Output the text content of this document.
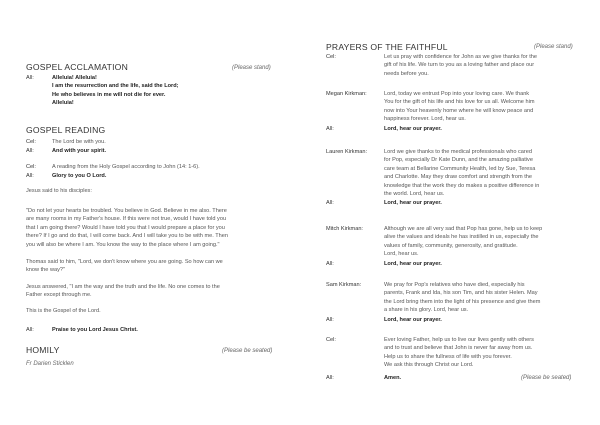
GOSPEL ACCLAMATION	(Please stand)
All:	Alleluia! Alleluia!
I am the resurrection and the life, said the Lord;
He who believes in me will not die for ever.
Alleluia!
GOSPEL READING
Cel:	The Lord be with you.
All:	And with your spirit.
Cel:	A reading from the Holy Gospel according to John (14: 1-6).
All:	Glory to you O Lord.
Jesus said to his disciples:
"Do not let your hearts be troubled. You believe in God. Believe in me also. There
are many rooms in my Father's house. If this were not true, would I have told you
that I am going there? Would I have told you that I would prepare a place for you
there? If I go and do that, I will come back. And I will take you to be with me. Then
you will also be where I am. You know the way to the place where I am going."
Thomas said to him, "Lord, we don't know where you are going. So how can we
know the way?"
Jesus answered, "I am the way and the truth and the life. No one comes to the
Father except through me.
This is the Gospel of the Lord.
All:	Praise to you Lord Jesus Christ.
HOMILY	(Please be seated)
Fr Darien Sticklen
PRAYERS OF THE FAITHFUL	(Please stand)
Cel:	Let us pray with confidence for John as we give thanks for the
gift of his life. We turn to you as a loving father and place our
needs before you.
Megan Kirkman:	Lord, today we entrust Pop into your loving care. We thank
You for the gift of his life and his love for us all. Welcome him
now into Your heavenly home where he will know peace and
happiness forever. Lord, hear us.
All:	Lord, hear our prayer.
Lauren Kirkman:	Lord we give thanks to the medical professionals who cared
for Pop, especially Dr Kate Dunn, and the amazing palliative
care team at Bellarine Community Health, led by Sue, Teresa
and Charlotte. May they draw comfort and strength from the
knowledge that the work they do makes a positive difference in
the world. Lord, hear us.
All:	Lord, hear our prayer.
Mitch Kirkman:	Although we are all very sad that Pop has gone, help us to keep
alive the values and ideals he has instilled in us, especially the
values of family, community, generosity, and gratitude.
Lord, hear us.
All:	Lord, hear our prayer.
Sam Kirkman:	We pray for Pop's relatives who have died, especially his
parents, Frank and Ida, his son Tim, and his sister Helen. May
the Lord bring them into the light of his presence and give them
a share in his glory. Lord, hear us.
All:	Lord, hear our prayer.
Cel:	Ever loving Father, help us to live our lives gently with others
and to trust and believe that John is never far away from us.
Help us to share the fullness of life with you forever.
We ask this through Christ our Lord.
All:	Amen.	(Please be seated)
